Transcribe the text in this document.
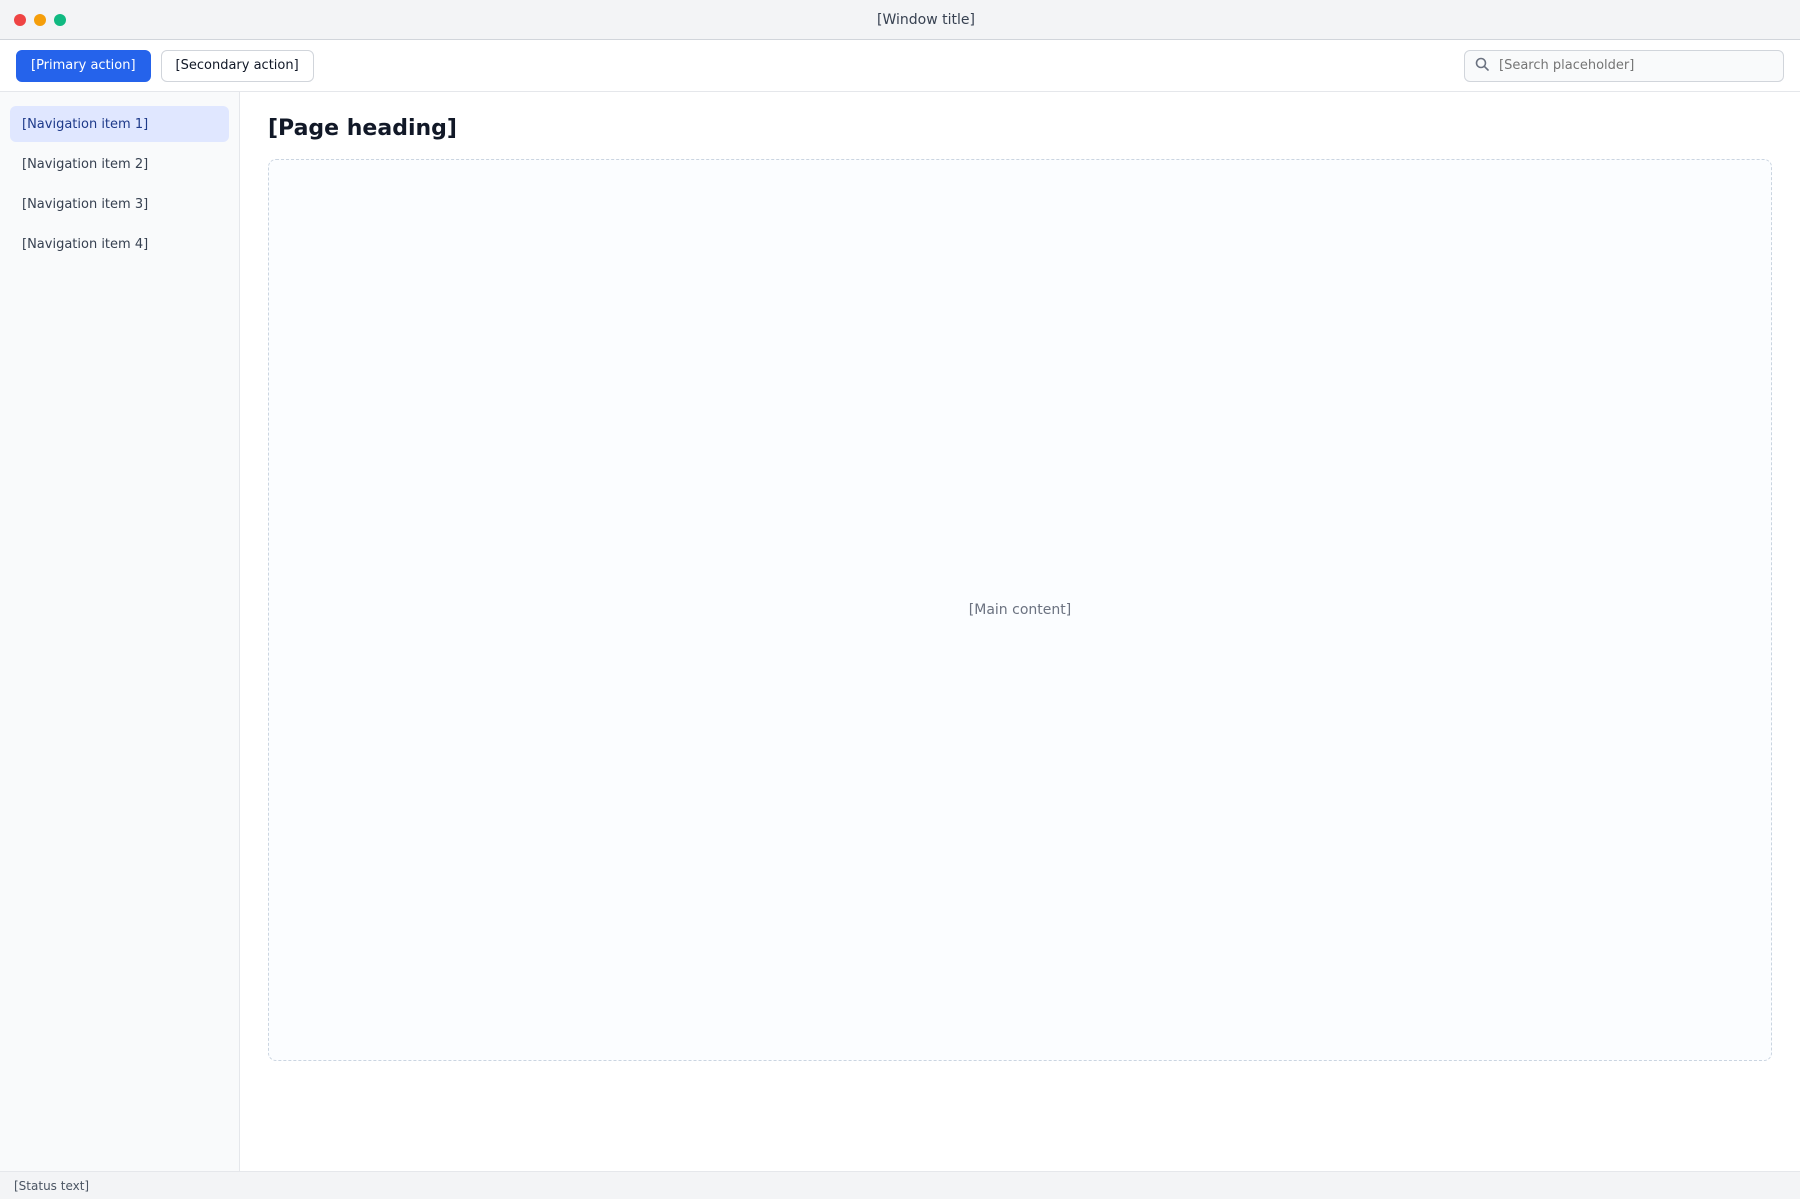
[Window title]
[Primary action]	[Secondary action]
[Search placeholder]
[Navigation item 1]
[Navigation item 2]
[Navigation item 3]
[Navigation item 4]
[Page heading]
[Main content]
[Status text]
